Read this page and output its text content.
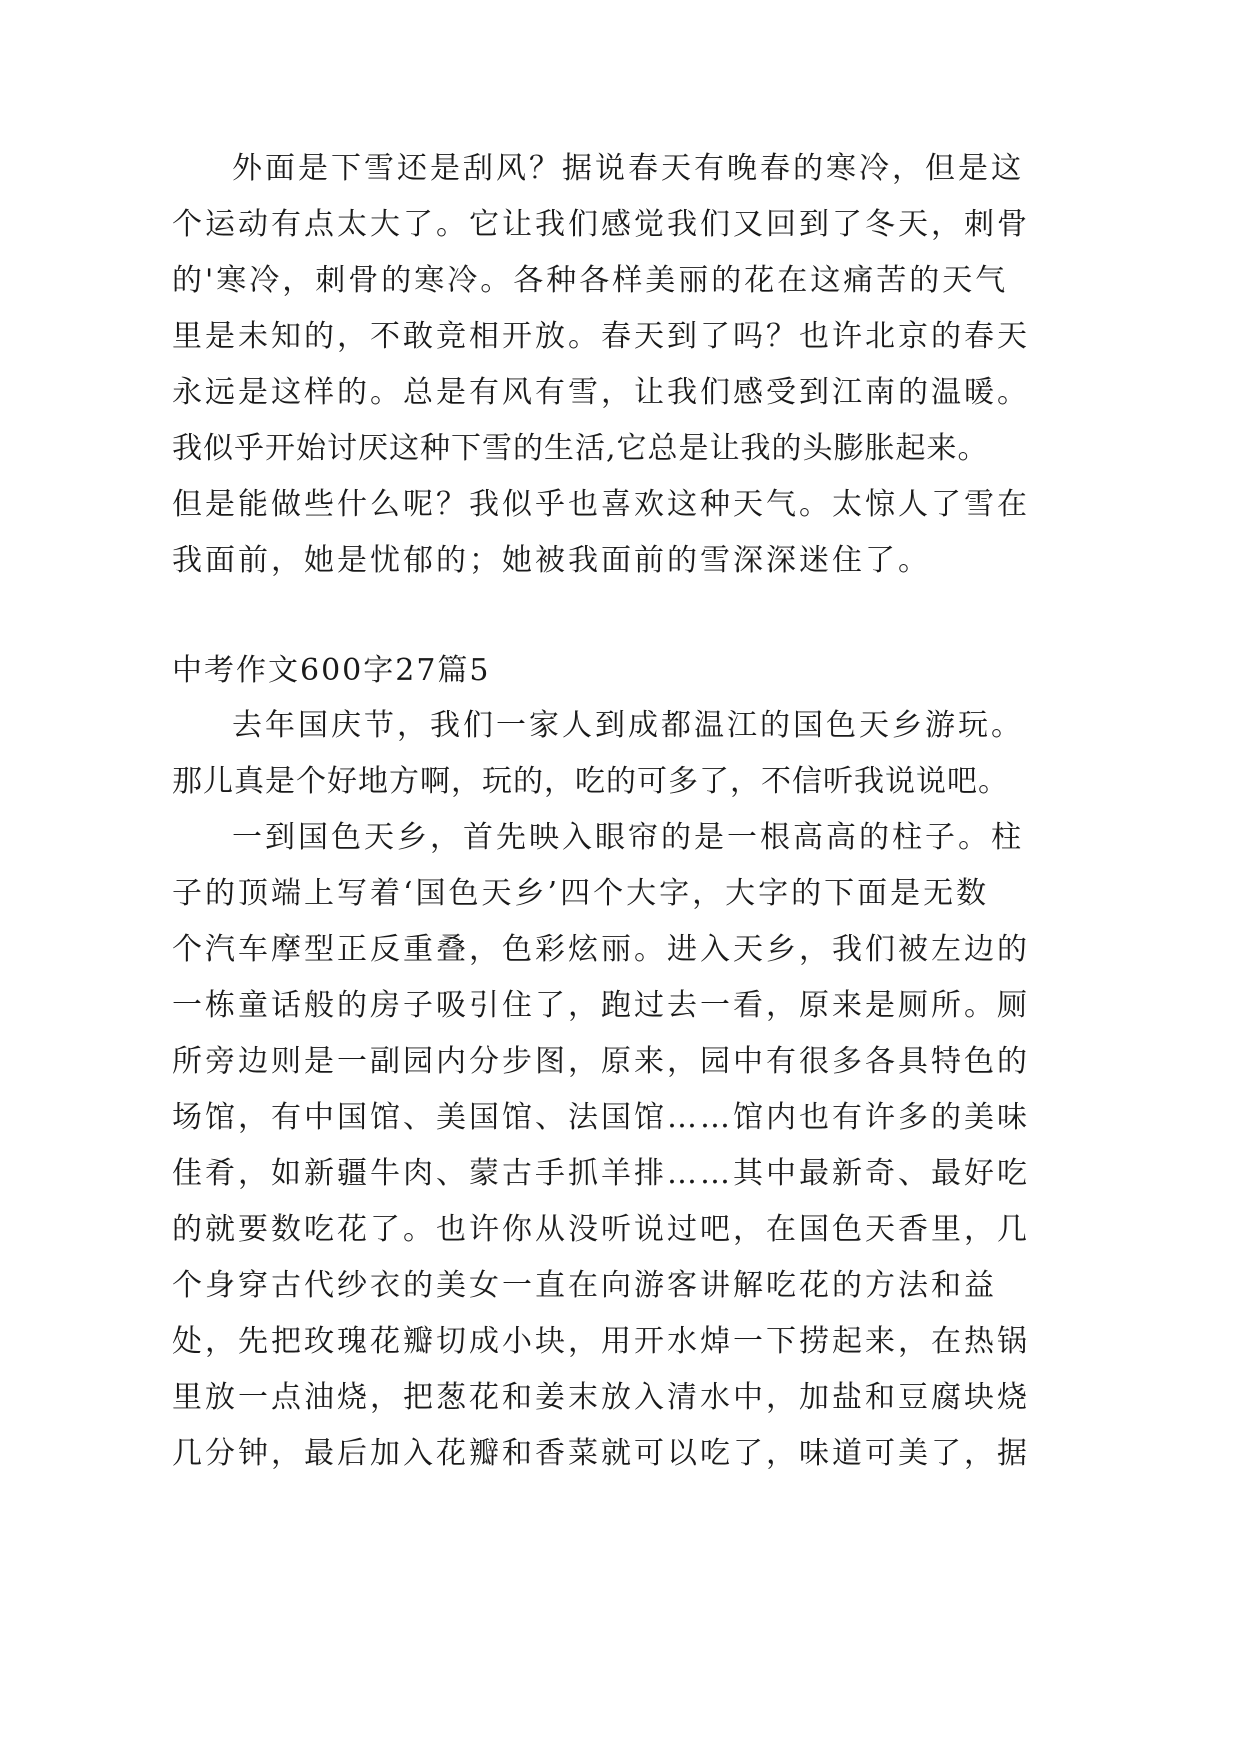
外面是下雪还是刮风？据说春天有晚春的寒冷，但是这
个运动有点太大了。它让我们感觉我们又回到了冬天，刺骨
的'寒冷，刺骨的寒冷。各种各样美丽的花在这痛苦的天气
里是未知的，不敢竞相开放。春天到了吗？也许北京的春天
永远是这样的。总是有风有雪，让我们感受到江南的温暖。
我似乎开始讨厌这种下雪的生活,它总是让我的头膨胀起来。
但是能做些什么呢？我似乎也喜欢这种天气。太惊人了雪在
我面前，她是忧郁的；她被我面前的雪深深迷住了。
中考作文600字27篇5
去年国庆节，我们一家人到成都温江的国色天乡游玩。
那儿真是个好地方啊，玩的，吃的可多了，不信听我说说吧。
一到国色天乡，首先映入眼帘的是一根高高的柱子。柱
子的顶端上写着‘国色天乡’四个大字，大字的下面是无数
个汽车摩型正反重叠，色彩炫丽。进入天乡，我们被左边的
一栋童话般的房子吸引住了，跑过去一看，原来是厕所。厕
所旁边则是一副园内分步图，原来，园中有很多各具特色的
场馆，有中国馆、美国馆、法国馆……馆内也有许多的美味
佳肴，如新疆牛肉、蒙古手抓羊排……其中最新奇、最好吃
的就要数吃花了。也许你从没听说过吧，在国色天香里，几
个身穿古代纱衣的美女一直在向游客讲解吃花的方法和益
处，先把玫瑰花瓣切成小块，用开水焯一下捞起来，在热锅
里放一点油烧，把葱花和姜末放入清水中，加盐和豆腐块烧
几分钟，最后加入花瓣和香菜就可以吃了，味道可美了，据
